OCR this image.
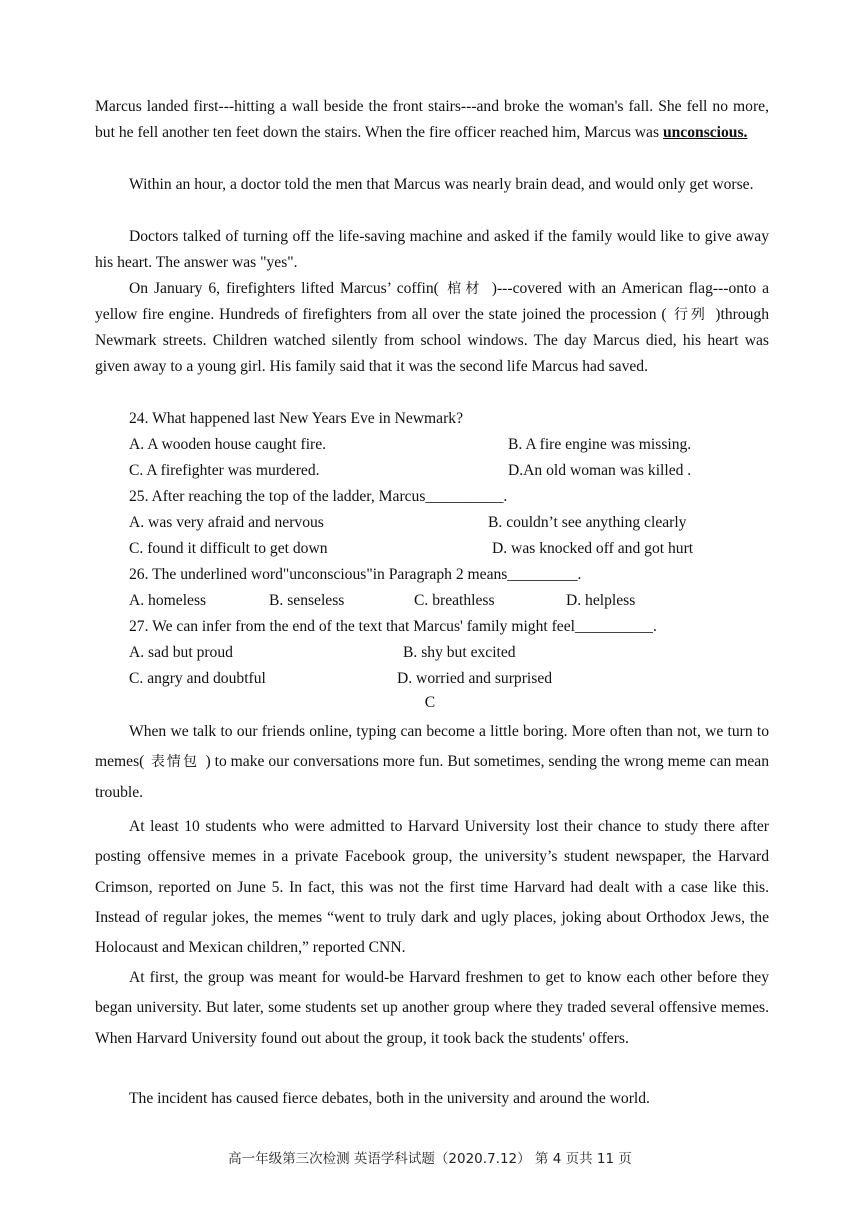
Marcus landed first---hitting a wall beside the front stairs---and broke the woman's fall. She fell no more, but he fell another ten feet down the stairs. When the fire officer reached him, Marcus was unconscious.

Within an hour, a doctor told the men that Marcus was nearly brain dead, and would only get worse.

Doctors talked of turning off the life-saving machine and asked if the family would like to give away his heart. The answer was "yes".

On January 6, firefighters lifted Marcus’ coffin( 棺材 )---covered with an American flag---onto a yellow fire engine. Hundreds of firefighters from all over the state joined the procession ( 行列 )through Newmark streets. Children watched silently from school windows. The day Marcus died, his heart was given away to a young girl. His family said that it was the second life Marcus had saved.

24. What happened last New Years Eve in Newmark?

A. A wooden house caught fire.	B. A fire engine was missing.

C. A firefighter was murdered.	D.An old woman was killed .

25. After reaching the top of the ladder, Marcus__________.

A. was very afraid and nervous	B. couldn’t see anything clearly

C. found it difficult to get down	D. was knocked off and got hurt

26. The underlined word"unconscious"in Paragraph 2 means_________.

A. homeless	B. senseless	C. breathless	D. helpless

27. We can infer from the end of the text that Marcus' family might feel__________.

A. sad but proud	B. shy but excited

C. angry and doubtful	D. worried and surprised

C

When we talk to our friends online, typing can become a little boring. More often than not, we turn to memes( 表情包 ) to make our conversations more fun. But sometimes, sending the wrong meme can mean trouble.

At least 10 students who were admitted to Harvard University lost their chance to study there after posting offensive memes in a private Facebook group, the university’s student newspaper, the Harvard Crimson, reported on June 5. In fact, this was not the first time Harvard had dealt with a case like this. Instead of regular jokes, the memes “went to truly dark and ugly places, joking about Orthodox Jews, the Holocaust and Mexican children,” reported CNN.

At first, the group was meant for would-be Harvard freshmen to get to know each other before they began university. But later, some students set up another group where they traded several offensive memes. When Harvard University found out about the group, it took back the students' offers.

The incident has caused fierce debates, both in the university and around the world.

高一年级第三次检测 英语学科试题（2020.7.12） 第 4 页共 11 页
